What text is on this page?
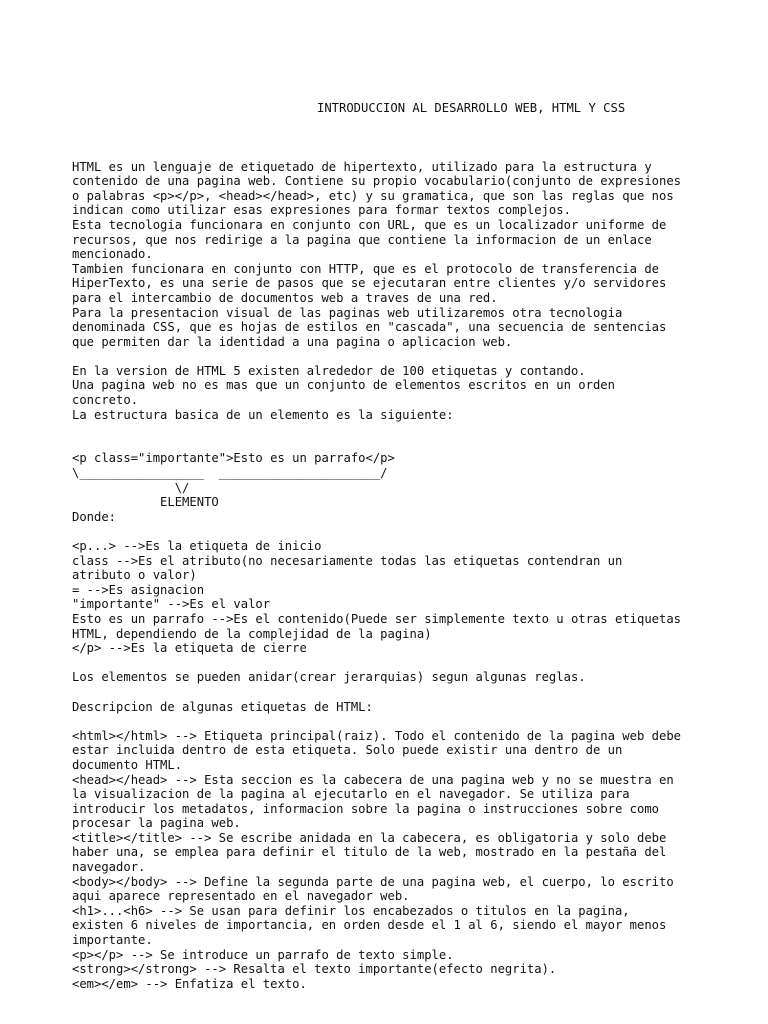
INTRODUCCION AL DESARROLLO WEB, HTML Y CSS

HTML es un lenguaje de etiquetado de hipertexto, utilizado para la estructura y
contenido de una pagina web. Contiene su propio vocabulario(conjunto de expresiones
o palabras <p></p>, <head></head>, etc) y su gramatica, que son las reglas que nos
indican como utilizar esas expresiones para formar textos complejos.
Esta tecnologia funcionara en conjunto con URL, que es un localizador uniforme de
recursos, que nos redirige a la pagina que contiene la informacion de un enlace
mencionado.
Tambien funcionara en conjunto con HTTP, que es el protocolo de transferencia de
HiperTexto, es una serie de pasos que se ejecutaran entre clientes y/o servidores
para el intercambio de documentos web a traves de una red.
Para la presentacion visual de las paginas web utilizaremos otra tecnologia
denominada CSS, que es hojas de estilos en "cascada", una secuencia de sentencias
que permiten dar la identidad a una pagina o aplicacion web.
En la version de HTML 5 existen alrededor de 100 etiquetas y contando.
Una pagina web no es mas que un conjunto de elementos escritos en un orden
concreto.
La estructura basica de un elemento es la siguiente:
<p class="importante">Esto es un parrafo</p>
\_________________  ______________________/
\/
ELEMENTO
Donde:
<p...> -->Es la etiqueta de inicio
class -->Es el atributo(no necesariamente todas las etiquetas contendran un
atributo o valor)
= -->Es asignacion
"importante" -->Es el valor
Esto es un parrafo -->Es el contenido(Puede ser simplemente texto u otras etiquetas
HTML, dependiendo de la complejidad de la pagina)
</p> -->Es la etiqueta de cierre
Los elementos se pueden anidar(crear jerarquias) segun algunas reglas.
Descripcion de algunas etiquetas de HTML:
<html></html> --> Etiqueta principal(raiz). Todo el contenido de la pagina web debe
estar incluida dentro de esta etiqueta. Solo puede existir una dentro de un
documento HTML.
<head></head> --> Esta seccion es la cabecera de una pagina web y no se muestra en
la visualizacion de la pagina al ejecutarlo en el navegador. Se utiliza para
introducir los metadatos, informacion sobre la pagina o instrucciones sobre como
procesar la pagina web.
<title></title> --> Se escribe anidada en la cabecera, es obligatoria y solo debe
haber una, se emplea para definir el titulo de la web, mostrado en la pestaña del
navegador.
<body></body> --> Define la segunda parte de una pagina web, el cuerpo, lo escrito
aqui aparece representado en el navegador web.
<h1>...<h6> --> Se usan para definir los encabezados o titulos en la pagina,
existen 6 niveles de importancia, en orden desde el 1 al 6, siendo el mayor menos
importante.
<p></p> --> Se introduce un parrafo de texto simple.
<strong></strong> --> Resalta el texto importante(efecto negrita).
<em></em> --> Enfatiza el texto.
